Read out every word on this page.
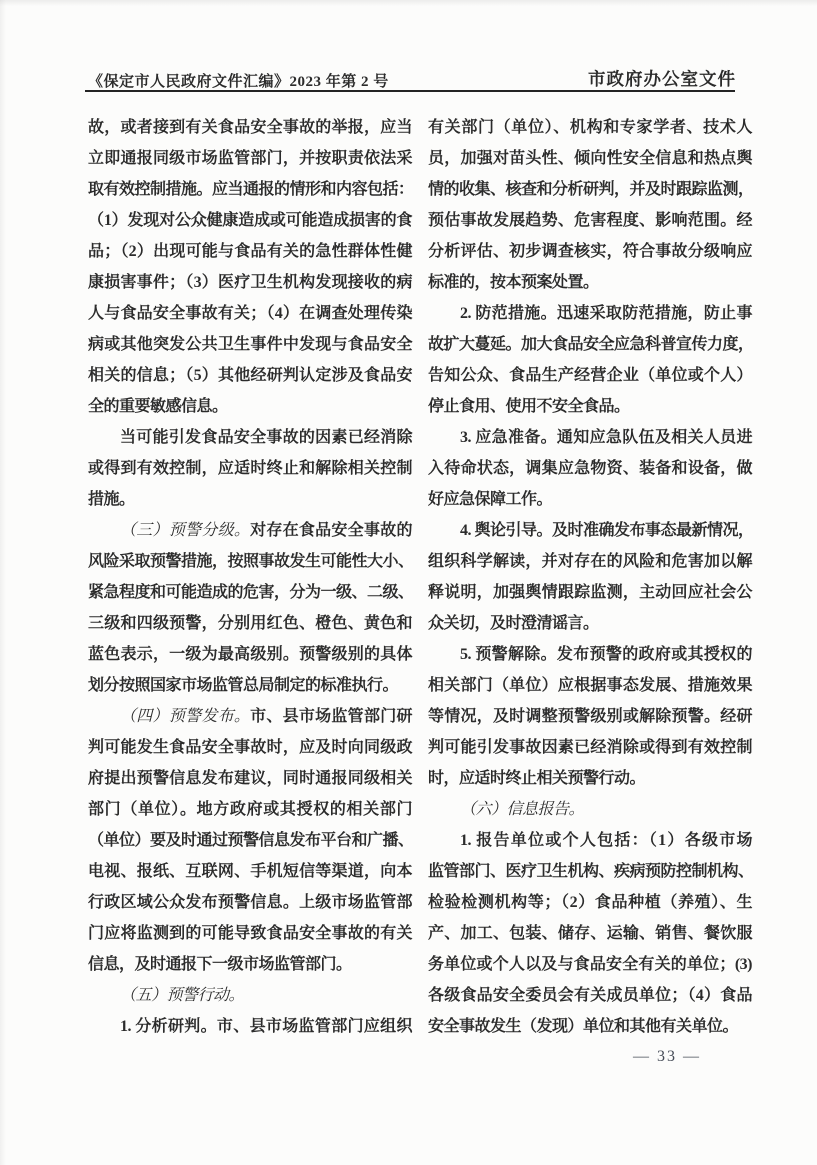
《保定市人民政府文件汇编》2023 年第 2 号	市政府办公室文件
故，或者接到有关食品安全事故的举报，应当
立即通报同级市场监管部门，并按职责依法采
取有效控制措施。应当通报的情形和内容包括：
（1）发现对公众健康造成或可能造成损害的食
品；（2）出现可能与食品有关的急性群体性健
康损害事件；（3）医疗卫生机构发现接收的病
人与食品安全事故有关；（4）在调查处理传染
病或其他突发公共卫生事件中发现与食品安全
相关的信息；（5）其他经研判认定涉及食品安
全的重要敏感信息。
当可能引发食品安全事故的因素已经消除
或得到有效控制，应适时终止和解除相关控制
措施。
（三）预警分级。对存在食品安全事故的
风险采取预警措施，按照事故发生可能性大小、
紧急程度和可能造成的危害，分为一级、二级、
三级和四级预警，分别用红色、橙色、黄色和
蓝色表示，一级为最高级别。预警级别的具体
划分按照国家市场监管总局制定的标准执行。
（四）预警发布。市、县市场监管部门研
判可能发生食品安全事故时，应及时向同级政
府提出预警信息发布建议，同时通报同级相关
部门（单位）。地方政府或其授权的相关部门
（单位）要及时通过预警信息发布平台和广播、
电视、报纸、互联网、手机短信等渠道，向本
行政区域公众发布预警信息。上级市场监管部
门应将监测到的可能导致食品安全事故的有关
信息，及时通报下一级市场监管部门。
（五）预警行动。
1. 分析研判。市、县市场监管部门应组织
有关部门（单位）、机构和专家学者、技术人
员，加强对苗头性、倾向性安全信息和热点舆
情的收集、核查和分析研判，并及时跟踪监测，
预估事故发展趋势、危害程度、影响范围。经
分析评估、初步调查核实，符合事故分级响应
标准的，按本预案处置。
2. 防范措施。迅速采取防范措施，防止事
故扩大蔓延。加大食品安全应急科普宣传力度，
告知公众、食品生产经营企业（单位或个人）
停止食用、使用不安全食品。
3. 应急准备。通知应急队伍及相关人员进
入待命状态，调集应急物资、装备和设备，做
好应急保障工作。
4. 舆论引导。及时准确发布事态最新情况，
组织科学解读，并对存在的风险和危害加以解
释说明，加强舆情跟踪监测，主动回应社会公
众关切，及时澄清谣言。
5. 预警解除。发布预警的政府或其授权的
相关部门（单位）应根据事态发展、措施效果
等情况，及时调整预警级别或解除预警。经研
判可能引发事故因素已经消除或得到有效控制
时，应适时终止相关预警行动。
（六）信息报告。
1. 报告单位或个人包括：（1）各级市场
监管部门、医疗卫生机构、疾病预防控制机构、
检验检测机构等；（2）食品种植（养殖）、生
产、加工、包装、储存、运输、销售、餐饮服
务单位或个人以及与食品安全有关的单位；(3)
各级食品安全委员会有关成员单位；（4）食品
安全事故发生（发现）单位和其他有关单位。
— 33 —
